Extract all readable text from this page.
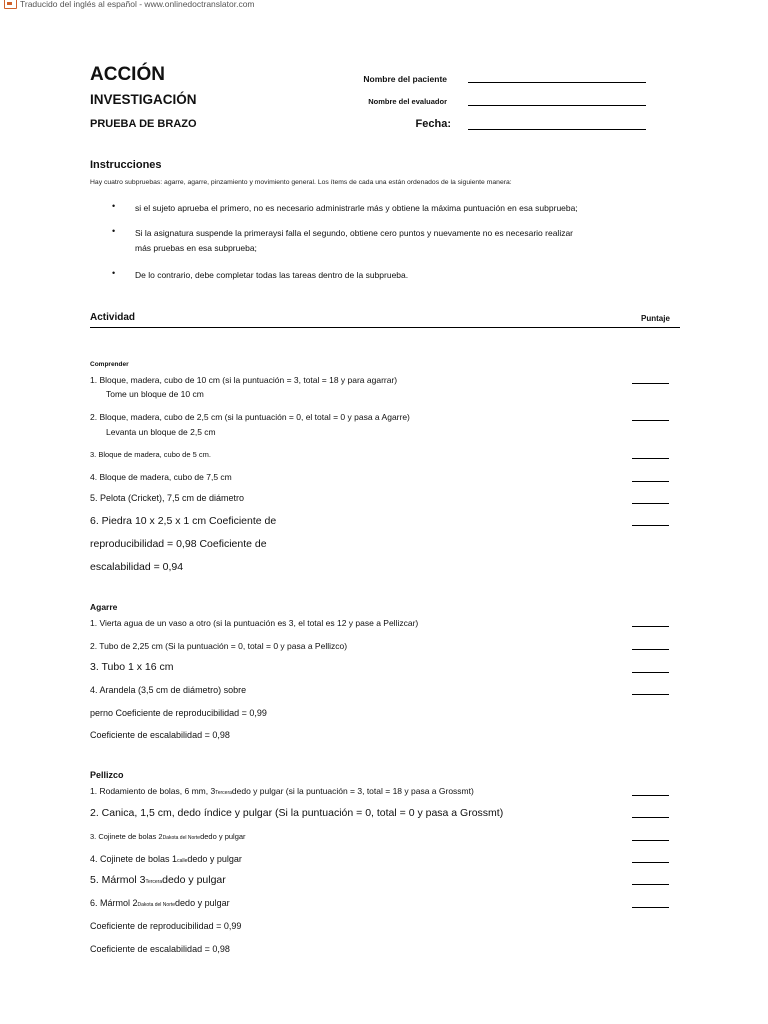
Traducido del inglés al español - www.onlinedoctranslator.com
ACCIÓN
INVESTIGACIÓN
PRUEBA DE BRAZO
Nombre del paciente
Nombre del evaluador
Fecha:
Instrucciones
Hay cuatro subpruebas: agarre, agarre, pinzamiento y movimiento general. Los ítems de cada una están ordenados de la siguiente manera:
• si el sujeto aprueba el primero, no es necesario administrarle más y obtiene la máxima puntuación en esa subprueba;
• Si la asignatura suspende la primeraysi falla el segundo, obtiene cero puntos y nuevamente no es necesario realizar
más pruebas en esa subprueba;
• De lo contrario, debe completar todas las tareas dentro de la subprueba.
Actividad	Puntaje
Comprender
1. Bloque, madera, cubo de 10 cm (si la puntuación = 3, total = 18 y para agarrar)
Tome un bloque de 10 cm
2. Bloque, madera, cubo de 2,5 cm (si la puntuación = 0, el total = 0 y pasa a Agarre)
Levanta un bloque de 2,5 cm
3. Bloque de madera, cubo de 5 cm.
4. Bloque de madera, cubo de 7,5 cm
5. Pelota (Cricket), 7,5 cm de diámetro
6. Piedra 10 x 2,5 x 1 cm Coeficiente de
reproducibilidad = 0,98 Coeficiente de
escalabilidad = 0,94
Agarre
1. Vierta agua de un vaso a otro (si la puntuación es 3, el total es 12 y pase a Pellizcar)
2. Tubo de 2,25 cm (Si la puntuación = 0, total = 0 y pasa a Pellizco)
3. Tubo 1 x 16 cm
4. Arandela (3,5 cm de diámetro) sobre
perno Coeficiente de reproducibilidad = 0,99
Coeficiente de escalabilidad = 0,98
Pellizco
1. Rodamiento de bolas, 6 mm, 3Terceradedo y pulgar (si la puntuación = 3, total = 18 y pasa a Grossmt)
2. Canica, 1,5 cm, dedo índice y pulgar (Si la puntuación = 0, total = 0 y pasa a Grossmt)
3. Cojinete de bolas 2Dakota del Nortededo y pulgar
4. Cojinete de bolas 1callededo y pulgar
5. Mármol 3Terceradedo y pulgar
6. Mármol 2Dakota del Nortededo y pulgar
Coeficiente de reproducibilidad = 0,99
Coeficiente de escalabilidad = 0,98
